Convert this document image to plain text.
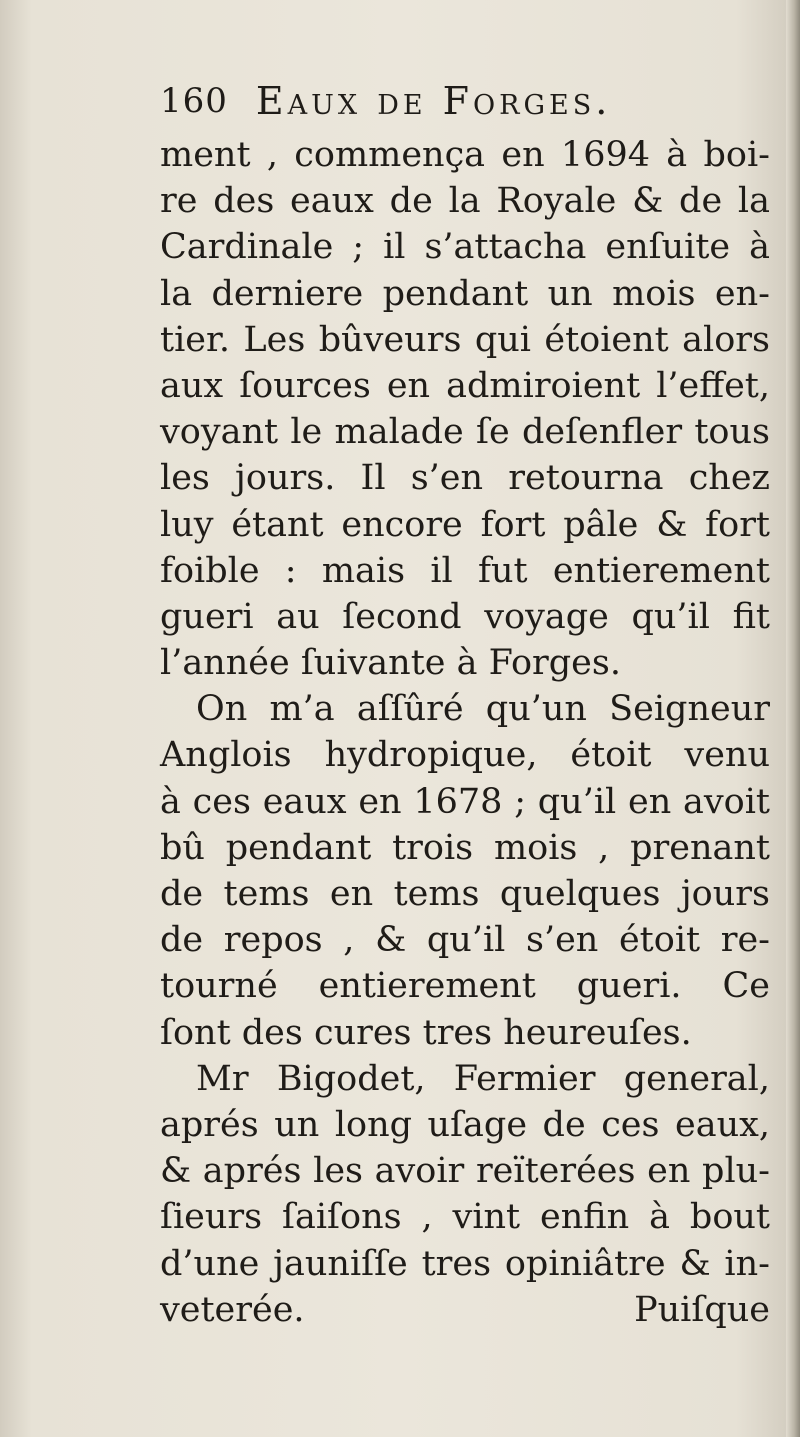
160 Eaux de Forges.
ment , commença en 1694 à boi-
re des eaux de la Royale & de la
Cardinale ; il s’attacha enſuite à
la derniere pendant un mois en-
tier. Les bûveurs qui étoient alors
aux ſources en admiroient l’effet,
voyant le malade ſe deſenfler tous
les jours. Il s’en retourna chez
luy étant encore fort pâle & fort
foible : mais il fut entierement
gueri au ſecond voyage qu’il fit
l’année ſuivante à Forges.
On m’a aſſûré qu’un Seigneur
Anglois hydropique, étoit venu
à ces eaux en 1678 ; qu’il en avoit
bû pendant trois mois , prenant
de tems en tems quelques jours
de repos , & qu’il s’en étoit re-
tourné entierement gueri. Ce
ſont des cures tres heureuſes.
Mr Bigodet, Fermier general,
aprés un long uſage de ces eaux,
& aprés les avoir reïterées en plu-
ſieurs ſaiſons , vint enfin à bout
d’une jauniſſe tres opiniâtre & in-
veterée.	Puiſque
